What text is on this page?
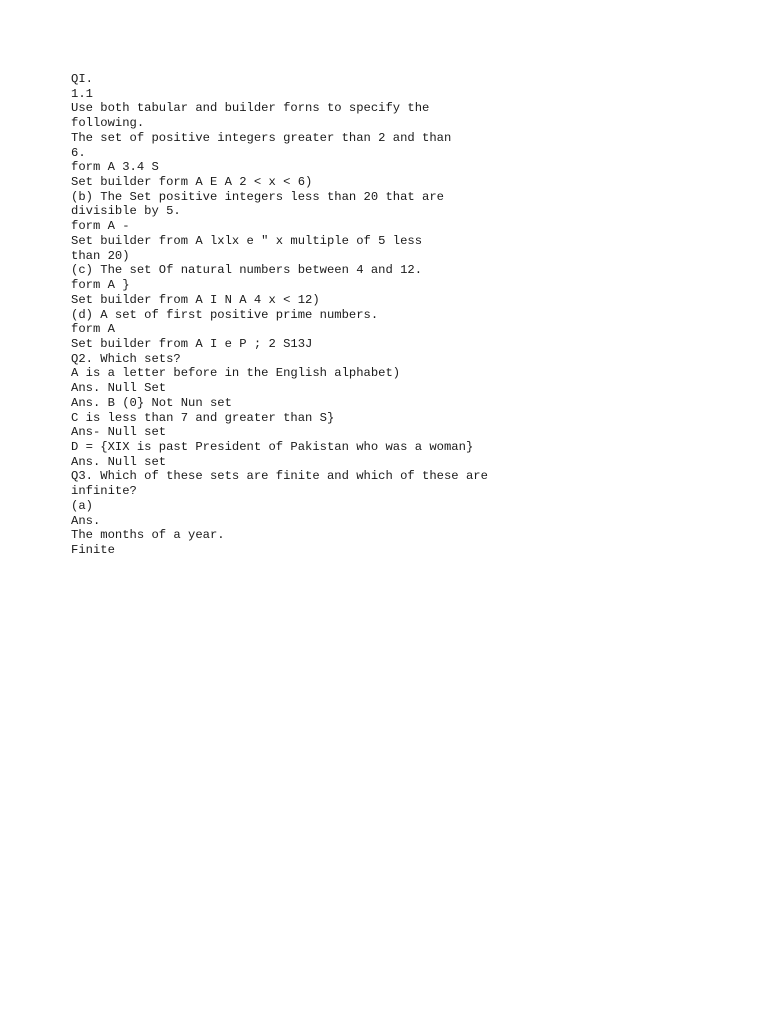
QI.
1.1
Use both tabular and builder forns to specify the
following.
The set of positive integers greater than 2 and than
6.
form A 3.4 S
Set builder form A E A 2 < x < 6)
(b) The Set positive integers less than 20 that are
divisible by 5.
form A -
Set builder from A lxlx e " x multiple of 5 less
than 20)
(c) The set Of natural numbers between 4 and 12.
form A }
Set builder from A I N A 4 x < 12)
(d) A set of first positive prime numbers.
form A
Set builder from A I e P ; 2 S13J
Q2. Which sets?
A is a letter before in the English alphabet)
Ans. Null Set
Ans. B (0} Not Nun set
C is less than 7 and greater than S}
Ans- Null set
D = {XIX is past President of Pakistan who was a woman}
Ans. Null set
Q3. Which of these sets are finite and which of these are
infinite?
(a)
Ans.
The months of a year.
Finite
